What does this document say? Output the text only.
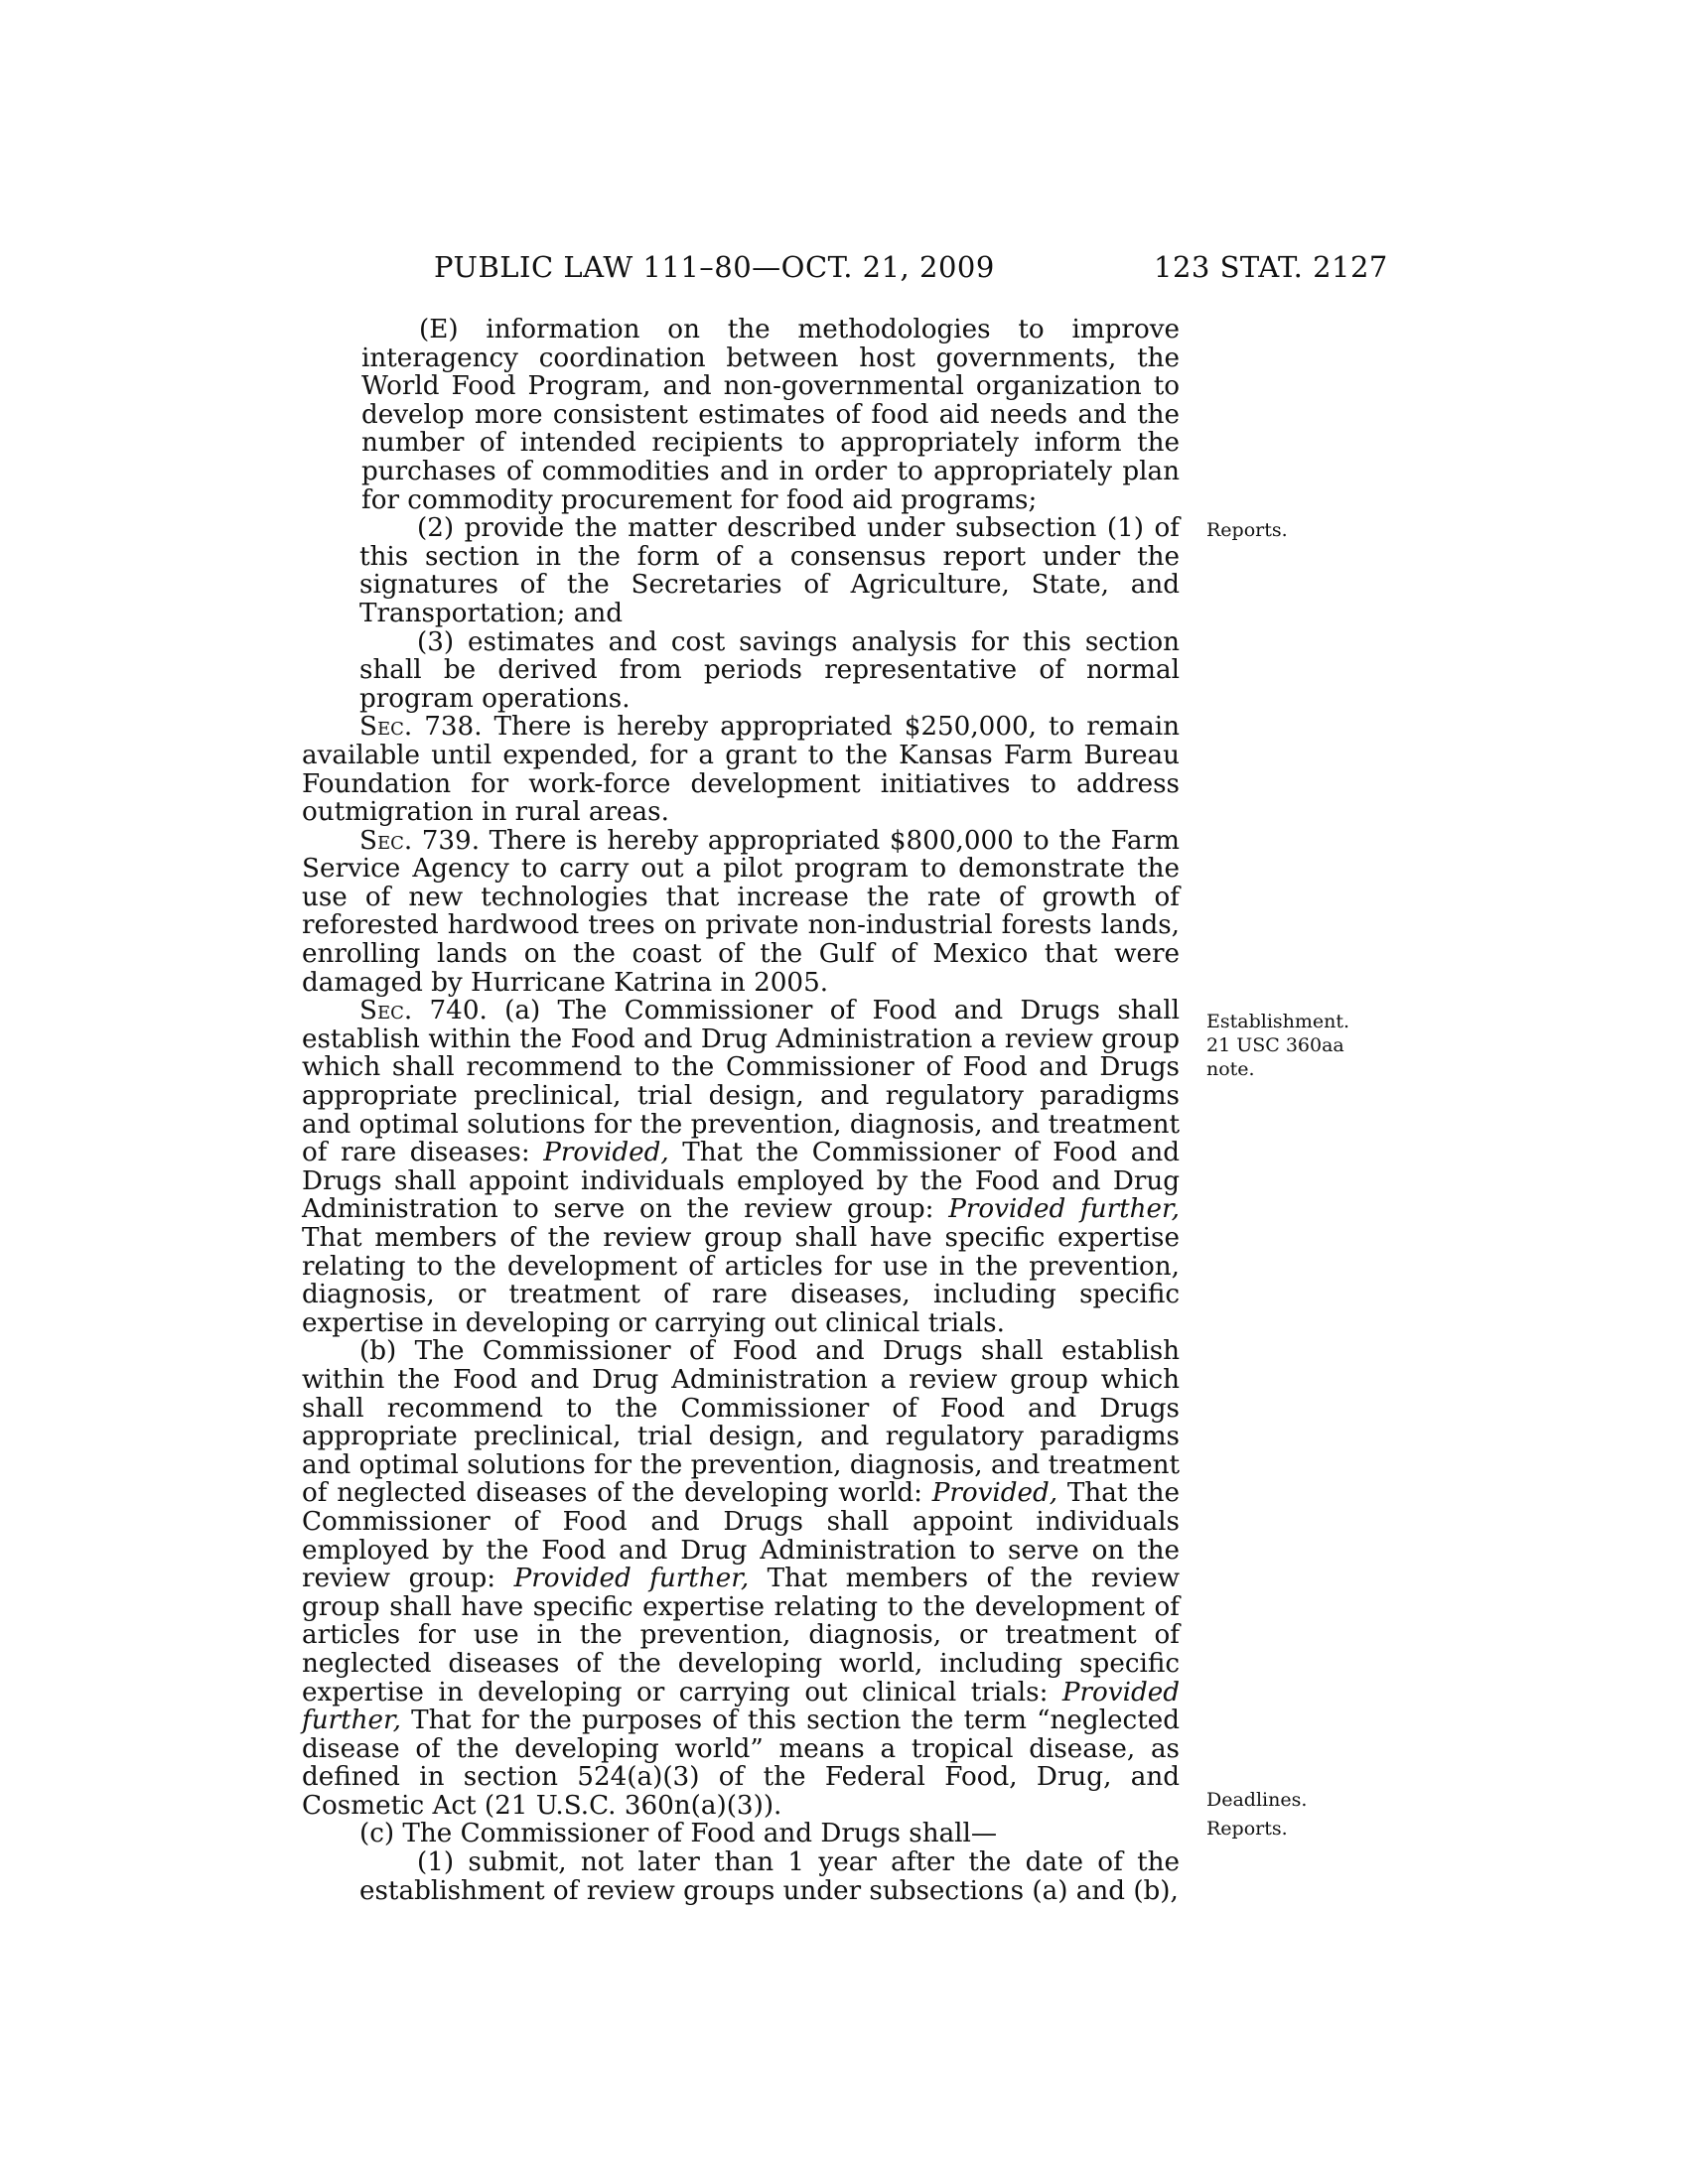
PUBLIC LAW 111–80—OCT. 21, 2009	123 STAT. 2127

(E) information on the methodologies to improve interagency coordination between host governments, the World Food Program, and non-governmental organization to develop more consistent estimates of food aid needs and the number of intended recipients to appropriately inform the purchases of commodities and in order to appropriately plan for commodity procurement for food aid programs;

(2) provide the matter described under subsection (1) of this section in the form of a consensus report under the signatures of the Secretaries of Agriculture, State, and Transportation; and

(3) estimates and cost savings analysis for this section shall be derived from periods representative of normal program operations.

Sec. 738. There is hereby appropriated $250,000, to remain available until expended, for a grant to the Kansas Farm Bureau Foundation for work-force development initiatives to address outmigration in rural areas.

Sec. 739. There is hereby appropriated $800,000 to the Farm Service Agency to carry out a pilot program to demonstrate the use of new technologies that increase the rate of growth of reforested hardwood trees on private non-industrial forests lands, enrolling lands on the coast of the Gulf of Mexico that were damaged by Hurricane Katrina in 2005.

Sec. 740. (a) The Commissioner of Food and Drugs shall establish within the Food and Drug Administration a review group which shall recommend to the Commissioner of Food and Drugs appropriate preclinical, trial design, and regulatory paradigms and optimal solutions for the prevention, diagnosis, and treatment of rare diseases: Provided, That the Commissioner of Food and Drugs shall appoint individuals employed by the Food and Drug Administration to serve on the review group: Provided further, That members of the review group shall have specific expertise relating to the development of articles for use in the prevention, diagnosis, or treatment of rare diseases, including specific expertise in developing or carrying out clinical trials.

(b) The Commissioner of Food and Drugs shall establish within the Food and Drug Administration a review group which shall recommend to the Commissioner of Food and Drugs appropriate preclinical, trial design, and regulatory paradigms and optimal solutions for the prevention, diagnosis, and treatment of neglected diseases of the developing world: Provided, That the Commissioner of Food and Drugs shall appoint individuals employed by the Food and Drug Administration to serve on the review group: Provided further, That members of the review group shall have specific expertise relating to the development of articles for use in the prevention, diagnosis, or treatment of neglected diseases of the developing world, including specific expertise in developing or carrying out clinical trials: Provided further, That for the purposes of this section the term “neglected disease of the developing world” means a tropical disease, as defined in section 524(a)(3) of the Federal Food, Drug, and Cosmetic Act (21 U.S.C. 360n(a)(3)).

(c) The Commissioner of Food and Drugs shall—

(1) submit, not later than 1 year after the date of the establishment of review groups under subsections (a) and (b),

Reports.
Establishment.
21 USC 360aa
note.
Deadlines.
Reports.
